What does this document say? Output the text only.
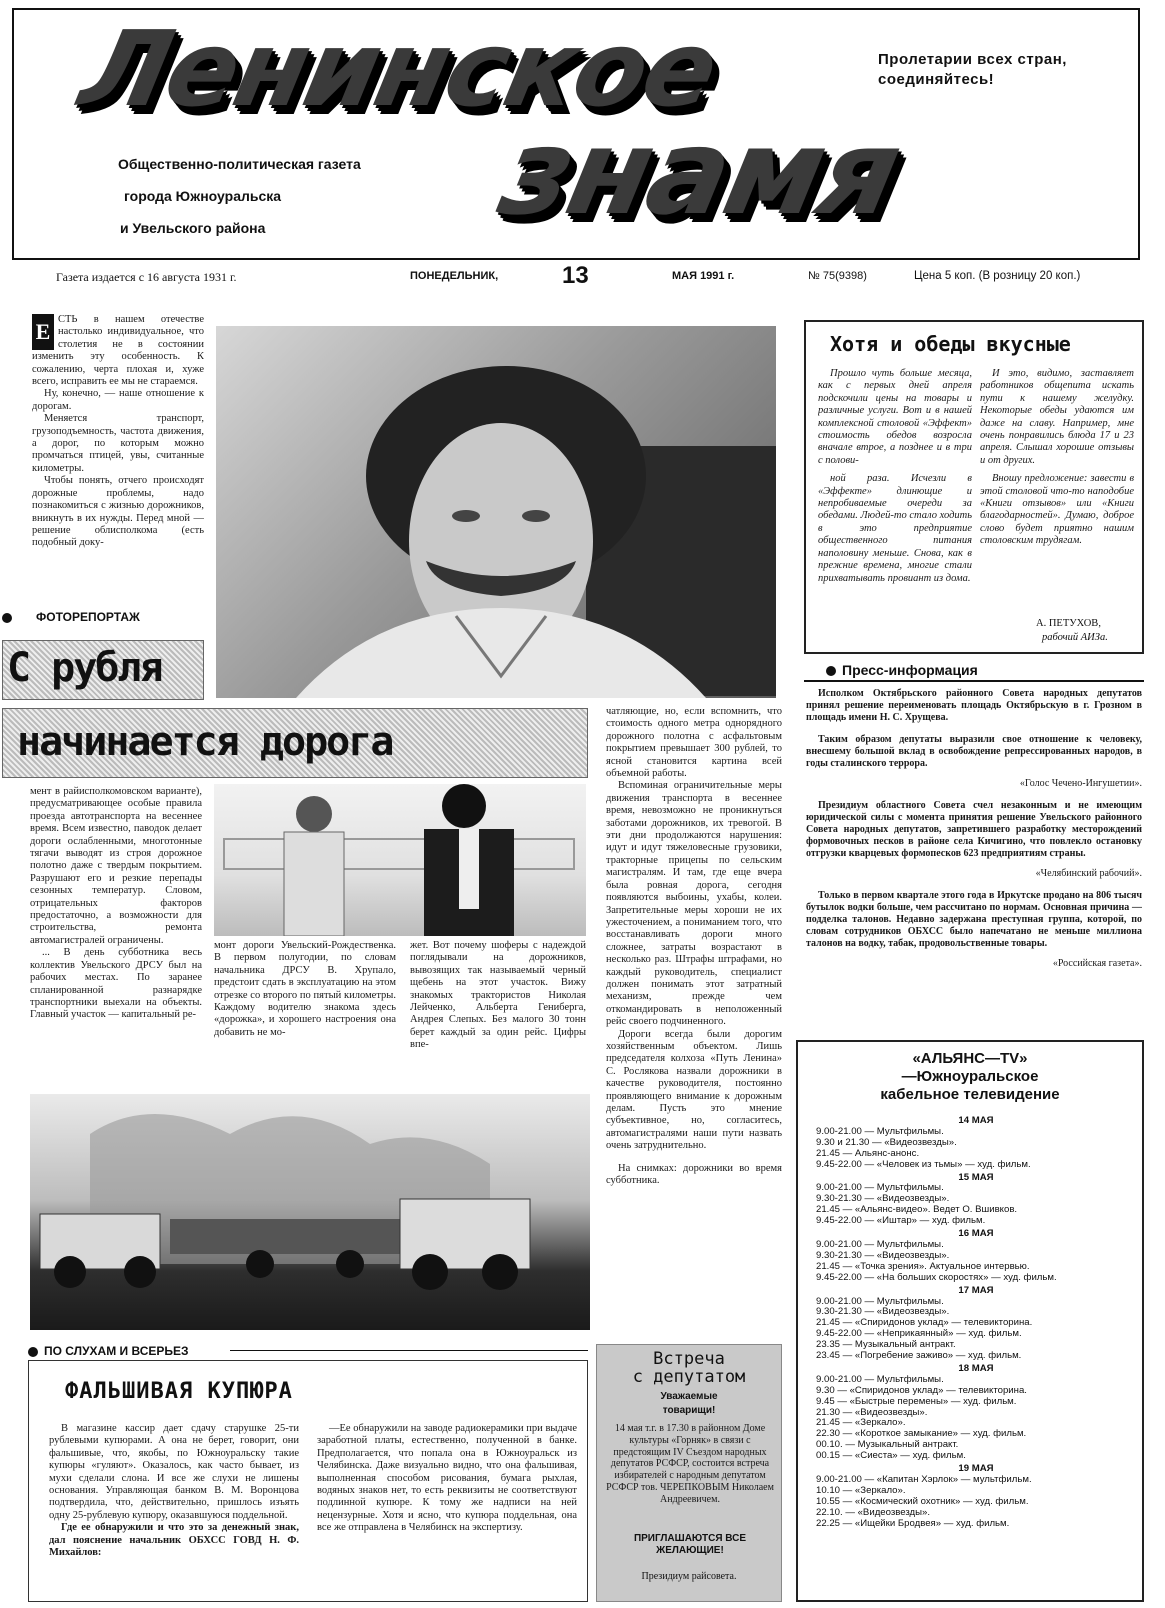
Ленинское
знамя
Пролетарии всех стран, соединяйтесь!
Общественно-политическая газета
города Южноуральска
и Увельского района
Газета издается с 16 августа 1931 г.	ПОНЕДЕЛЬНИК,	13	МАЯ 1991 г.	№ 75(9398)	Цена 5 коп. (В розницу 20 коп.)
Е СТЬ в нашем отечестве настолько индивидуальное, что столетия не в состоянии изменить эту особенность. К сожалению, черта плохая и, хуже всего, исправить ее мы не стараемся.

Ну, конечно, — наше отношение к дорогам.

Меняется транспорт, грузоподъемность, частота движения, а дорог, по которым можно промчаться птицей, увы, считанные километры.

Чтобы понять, отчего происходят дорожные проблемы, надо познакомиться с жизнью дорожников, вникнуть в их нужды. Перед мной — решение облисполкома (есть подобный доку-

ФОТОРЕПОРТАЖ
С рубля
начинается дорога
мент в райисполкомовском варианте), предусматривающее особые правила проезда автотранспорта на весеннее время. Всем известно, паводок делает дороги ослабленными, многотонные тягачи выводят из строя дорожное полотно даже с твердым покрытием. Разрушают его и резкие перепады сезонных температур. Словом, отрицательных факторов предостаточно, а возможности для строительства, ремонта автомагистралей ограничены.

... В день субботника весь коллектив Увельского ДРСУ был на рабочих местах. По заранее спланированной разнарядке транспортники выехали на объекты. Главный участок — капитальный ре-

монт дороги Увельский-Рождественка. В первом полугодии, по словам начальника ДРСУ В. Хрупало, предстоит сдать в эксплуатацию на этом отрезке со второго по пятый километры. Каждому водителю знакома здесь «дорожка», и хорошего настроения она добавить не мо-
жет. Вот почему шоферы с надеждой поглядывали на дорожников, вывозящих так называемый черный щебень на этот участок. Вижу знакомых трактористов Николая Лейченко, Альберта Гениберга, Андрея Слепых. Без малого 30 тонн берет каждый за один рейс. Цифры впе-
чатляющие, но, если вспомнить, что стоимость одного метра однорядного дорожного полотна с асфальтовым покрытием превышает 300 рублей, то ясной становится картина всей объемной работы.

Вспоминая ограничительные меры движения транспорта в весеннее время, невозможно не проникнуться заботами дорожников, их тревогой. В эти дни продолжаются нарушения: идут и идут тяжеловесные грузовики, тракторные прицепы по сельским магистралям. И там, где еще вчера была ровная дорога, сегодня появляются выбоины, ухабы, колеи. Запретительные меры хороши не их ужесточением, а пониманием того, что восстанавливать дороги много сложнее, затраты возрастают в несколько раз. Штрафы штрафами, но каждый руководитель, специалист должен понимать этот затратный механизм, прежде чем откомандировать в неположенный рейс своего подчиненного.

Дороги всегда были дорогим хозяйственным объектом. Лишь председателя колхоза «Путь Ленина» С. Рослякова назвали дорожники в качестве руководителя, постоянно проявляющего внимание к дорожным делам. Пусть это мнение субъективное, но, согласитесь, автомагистралями наши пути назвать очень затруднительно.

На снимках: дорожники во время субботника.

Хотя и обеды вкусные

Прошло чуть больше месяца, как с первых дней апреля подскочили цены на товары и различные услуги. Вот и в нашей комплексной столовой «Эффект» стоимость обедов возросла вначале втрое, а позднее и в три с полови-

ной раза. Исчезли в «Эффекте» длинющие и непробиваемые очереди за обедами. Людей-то стало ходить в это предприятие общественного питания наполовину меньше. Снова, как в прежние времена, многие стали прихватывать провиант из дома.

И это, видимо, заставляет работников общепита искать пути к нашему желудку. Некоторые обеды удаются им даже на славу. Например, мне очень понравились блюда 17 и 23 апреля. Слышал хорошие отзывы и от других.

Вношу предложение: завести в этой столовой что-то наподобие «Книги отзывов» или «Книги благодарностей». Думаю, доброе слово будет приятно нашим столовским трудягам.

А. ПЕТУХОВ,
рабочий АИЗа.
Пресс-информация

Исполком Октябрьского районного Совета народных депутатов принял решение переименовать площадь Октябрьскую в г. Грозном в площадь имени Н. С. Хрущева.

Таким образом депутаты выразили свое отношение к человеку, внесшему большой вклад в освобождение репрессированных народов, в годы сталинского террора.

«Голос Чечено-Ингушетии».

Президиум областного Совета счел незаконным и не имеющим юридической силы с момента принятия решение Увельского районного Совета народных депутатов, запретившего разработку месторождений формовочных песков в районе села Кичигино, что повлекло остановку отгрузки кварцевых формопесков 623 предприятиям страны.

«Челябинский рабочий».

Только в первом квартале этого года в Иркутске продано на 806 тысяч бутылок водки больше, чем рассчитано по нормам. Основная причина — подделка талонов. Недавно задержана преступная группа, которой, по словам сотрудников ОБХСС было напечатано не меньше миллиона талонов на водку, табак, продовольственные товары.

«Российская газета».
«АЛЬЯНС—TV»
—Южноуральское
кабельное телевидение
14 МАЯ
9.00-21.00 — Мультфильмы.
9.30 и 21.30 — «Видеозвезды».
21.45 — Альянс-анонс.
9.45-22.00 — «Человек из тьмы» — худ. фильм.
15 МАЯ
9.00-21.00 — Мультфильмы.
9.30-21.30 — «Видеозвезды».
21.45 — «Альянс-видео». Ведет О. Вшивков.
9.45-22.00 — «Иштар» — худ. фильм.
16 МАЯ
9.00-21.00 — Мультфильмы.
9.30-21.30 — «Видеозвезды».
21.45 — «Точка зрения». Актуальное интервью.
9.45-22.00 — «На больших скоростях» — худ. фильм.
17 МАЯ
9.00-21.00 — Мультфильмы.
9.30-21.30 — «Видеозвезды».
21.45 — «Спиридонов уклад» — телевикторина.
9.45-22.00 — «Неприкаянный» — худ. фильм.
23.35 — Музыкальный антракт.
23.45 — «Погребение заживо» — худ. фильм.
18 МАЯ
9.00-21.00 — Мультфильмы.
9.30 — «Спиридонов уклад» — телевикторина.
9.45 — «Быстрые перемены» — худ. фильм.
21.30 — «Видеозвезды».
21.45 — «Зеркало».
22.30 — «Короткое замыкание» — худ. фильм.
00.10. — Музыкальный антракт.
00.15 — «Сиеста» — худ. фильм.
19 МАЯ
9.00-21.00 — «Капитан Хэрлок» — мультфильм.
10.10 — «Зеркало».
10.55 — «Космический охотник» — худ. фильм.
22.10. — «Видеозвезды».
22.25 — «Ищейки Бродвея» — худ. фильм.
ПО СЛУХАМ И ВСЕРЬЕЗ
ФАЛЬШИВАЯ КУПЮРА

В магазине кассир дает сдачу старушке 25-ти рублевыми купюрами. А она не берет, говорит, они фальшивые, что, якобы, по Южноуральску такие купюры «гуляют». Оказалось, как часто бывает, из мухи сделали слона. И все же слухи не лишены основания. Управляющая банком В. М. Воронцова подтвердила, что, действительно, пришлось изъять одну 25-рублевую купюру, оказавшуюся поддельной.

Где ее обнаружили и что это за денежный знак, дал пояснение начальник ОБХСС ГОВД Н. Ф. Михайлов:

—Ее обнаружили на заводе радиокерамики при выдаче заработной платы, естественно, полученной в банке. Предполагается, что попала она в Южноуральск из Челябинска. Даже визуально видно, что она фальшивая, выполненная способом рисования, бумага рыхлая, водяных знаков нет, то есть реквизиты не соответствуют подлинной купюре. К тому же надписи на ней нецензурные. Хотя и ясно, что купюра поддельная, она все же отправлена в Челябинск на экспертизу.

Встреча
с депутатом
Уважаемые
товарищи!
14 мая т.г. в 17.30 в районном Доме культуры «Горняк» в связи с предстоящим IV Съездом народных депутатов РСФСР, состоится встреча избирателей с народным депутатом РСФСР тов. ЧЕРЕПКОВЫМ Николаем Андреевичем.
ПРИГЛАШАЮТСЯ ВСЕ ЖЕЛАЮЩИЕ!
Президиум райсовета.
